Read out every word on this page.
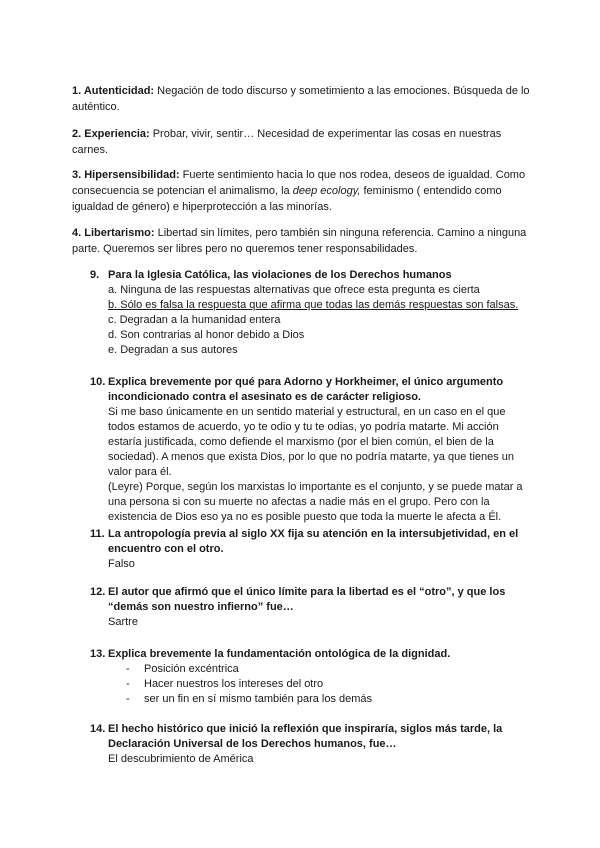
1. Autenticidad: Negación de todo discurso y sometimiento a las emociones. Búsqueda de lo auténtico.
2. Experiencia: Probar, vivir, sentir… Necesidad de experimentar las cosas en nuestras carnes.
3. Hipersensibilidad: Fuerte sentimiento hacia lo que nos rodea, deseos de igualdad. Como consecuencia se potencian el animalismo, la deep ecology, feminismo ( entendido como igualdad de género) e hiperprotección a las minorías.
4. Libertarismo: Libertad sin límites, pero también sin ninguna referencia. Camino a ninguna parte. Queremos ser libres pero no queremos tener responsabilidades.
9. Para la Iglesia Católica, las violaciones de los Derechos humanos
a. Ninguna de las respuestas alternativas que ofrece esta pregunta es cierta
b. Sólo es falsa la respuesta que afirma que todas las demás respuestas son falsas.
c. Degradan a la humanidad entera
d. Son contrarias al honor debido a Dios
e. Degradan a sus autores
10. Explica brevemente por qué para Adorno y Horkheimer, el único argumento incondicionado contra el asesinato es de carácter religioso.
Si me baso únicamente en un sentido material y estructural, en un caso en el que todos estamos de acuerdo, yo te odio y tu te odias, yo podría matarte. Mi acción estaría justificada, como defiende el marxismo (por el bien común, el bien de la sociedad). A menos que exista Dios, por lo que no podría matarte, ya que tienes un valor para él.
(Leyre) Porque, según los marxistas lo importante es el conjunto, y se puede matar a una persona si con su muerte no afectas a nadie más en el grupo. Pero con la existencia de Dios eso ya no es posible puesto que toda la muerte le afecta a Él.
11. La antropología previa al siglo XX fija su atención en la intersubjetividad, en el encuentro con el otro.
Falso
12. El autor que afirmó que el único límite para la libertad es el “otro”, y que los “demás son nuestro infierno” fue…
Sartre
13. Explica brevemente la fundamentación ontológica de la dignidad.
- Posición excéntrica
- Hacer nuestros los intereses del otro
- ser un fin en sí mismo también para los demás
14. El hecho histórico que inició la reflexión que inspiraría, siglos más tarde, la Declaración Universal de los Derechos humanos, fue…
El descubrimiento de América
